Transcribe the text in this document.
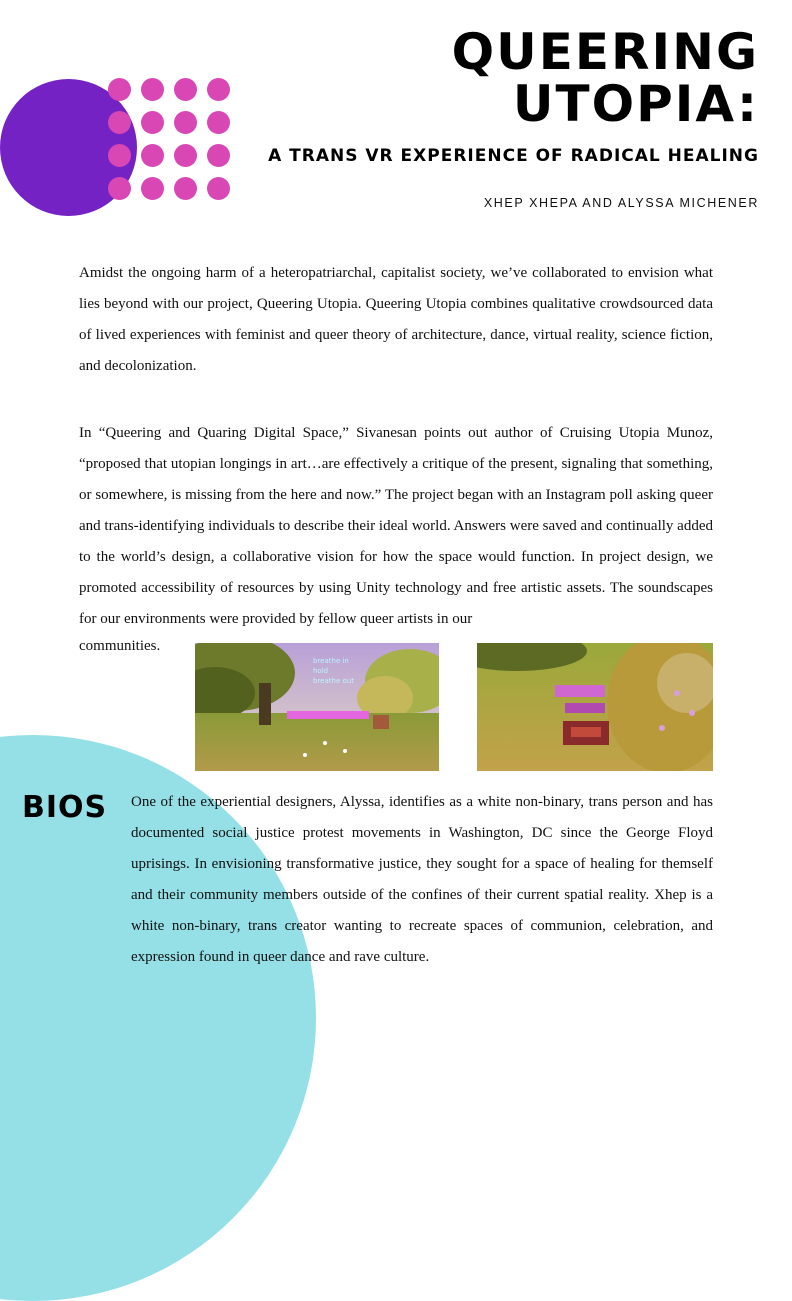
QUEERING
UTOPIA:
A TRANS VR EXPERIENCE OF RADICAL HEALING

XHEP XHEPA AND ALYSSA MICHENER

Amidst the ongoing harm of a heteropatriarchal, capitalist society, we’ve collaborated to envision what lies beyond with our project, Queering Utopia. Queering Utopia combines qualitative crowdsourced data of lived experiences with feminist and queer theory of architecture, dance, virtual reality, science fiction, and decolonization.

In “Queering and Quaring Digital Space,” Sivanesan points out author of Cruising Utopia Munoz, “proposed that utopian longings in art…are effectively a critique of the present, signaling that something, or somewhere, is missing from the here and now.” The project began with an Instagram poll asking queer and trans-identifying individuals to describe their ideal world. Answers were saved and continually added to the world’s design, a collaborative vision for how the space would function. In project design, we promoted accessibility of resources by using Unity technology and free artistic assets. The soundscapes for our environments were provided by fellow queer artists in our

communities.

breathe in
hold
breathe out
BIOS One of the experiential designers, Alyssa, identifies as a white non-binary, trans person and has documented social justice protest movements in Washington, DC since the George Floyd uprisings. In envisioning transformative justice, they sought for a space of healing for themself and their community members outside of the confines of their current spatial reality. Xhep is a white non-binary, trans creator wanting to recreate spaces of communion, celebration, and expression found in queer dance and rave culture.
